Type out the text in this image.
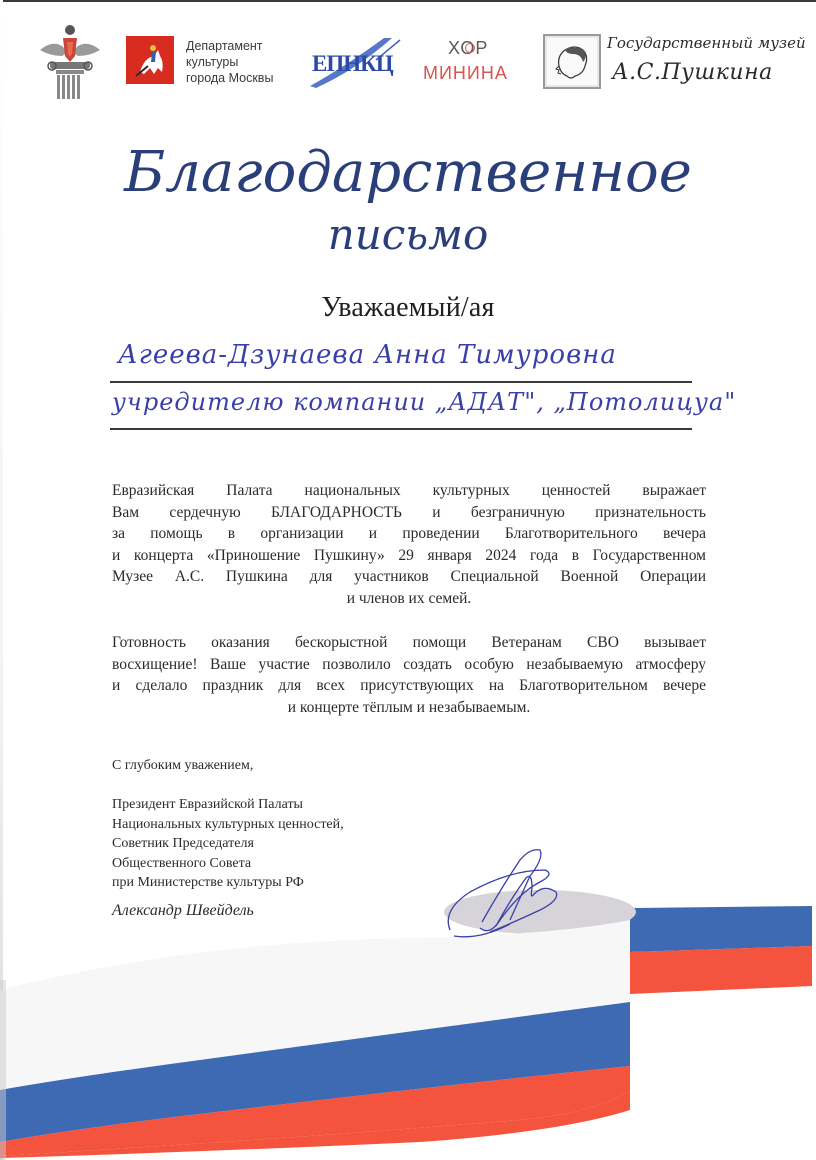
Департамент
культуры
города Москвы
ЕПНКЦ
ХОР
МИНИНА
Государственный музей
А.С.Пушкина
Благодарственное
письмо
Уважаемый/ая
Агеева-Дзунаева Анна Тимуровна
учредителю компании „АДАТ", „Потолицуа"
Евразийская Палата национальных культурных ценностей выражает
Вам сердечную БЛАГОДАРНОСТЬ и безграничную признательность
за помощь в организации и проведении Благотворительного вечера
и концерта «Приношение Пушкину» 29 января 2024 года в Государственном
Музее А.С. Пушкина для участников Специальной Военной Операции
и членов их семей.
Готовность оказания бескорыстной помощи Ветеранам СВО вызывает
восхищение! Ваше участие позволило создать особую незабываемую атмосферу
и сделало праздник для всех присутствующих на Благотворительном вечере
и концерте тёплым и незабываемым.
С глубоким уважением,
Президент Евразийской Палаты
Национальных культурных ценностей,
Советник Председателя
Общественного Совета
при Министерстве культуры РФ
Александр Швейдель
